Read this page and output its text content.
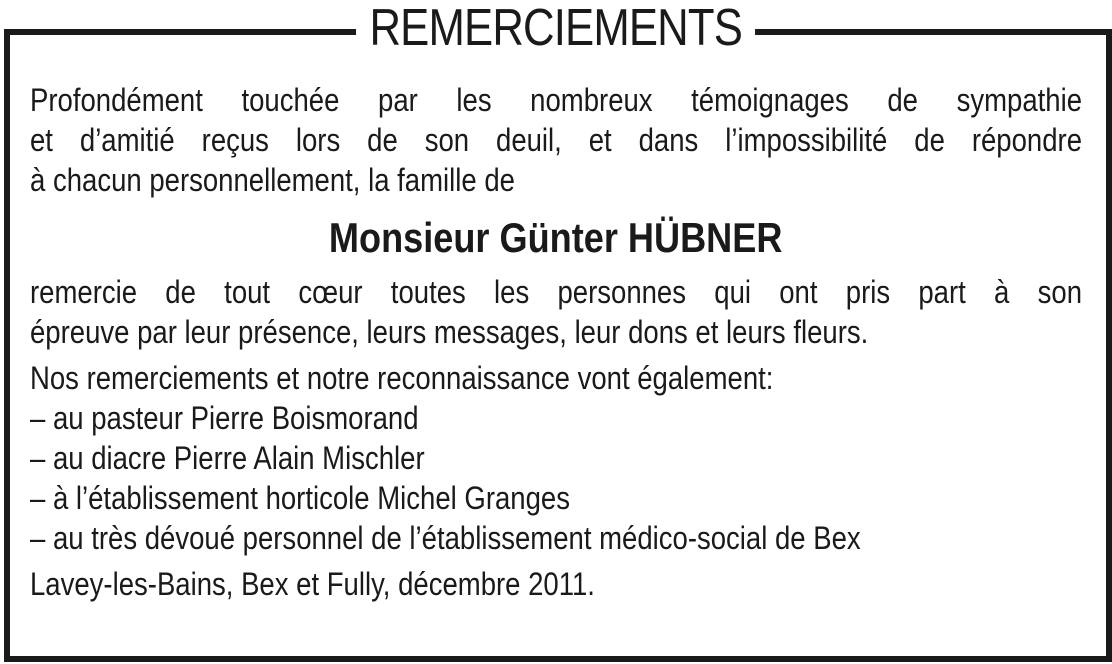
REMERCIEMENTS
Profondément touchée par les nombreux témoignages de sympathie
et d’amitié reçus lors de son deuil, et dans l’impossibilité de répondre
à chacun personnellement, la famille de
Monsieur Günter HÜBNER
remercie de tout cœur toutes les personnes qui ont pris part à son
épreuve par leur présence, leurs messages, leur dons et leurs fleurs.
Nos remerciements et notre reconnaissance vont également:
– au pasteur Pierre Boismorand
– au diacre Pierre Alain Mischler
– à l’établissement horticole Michel Granges
– au très dévoué personnel de l’établissement médico-social de Bex
Lavey-les-Bains, Bex et Fully, décembre 2011.
